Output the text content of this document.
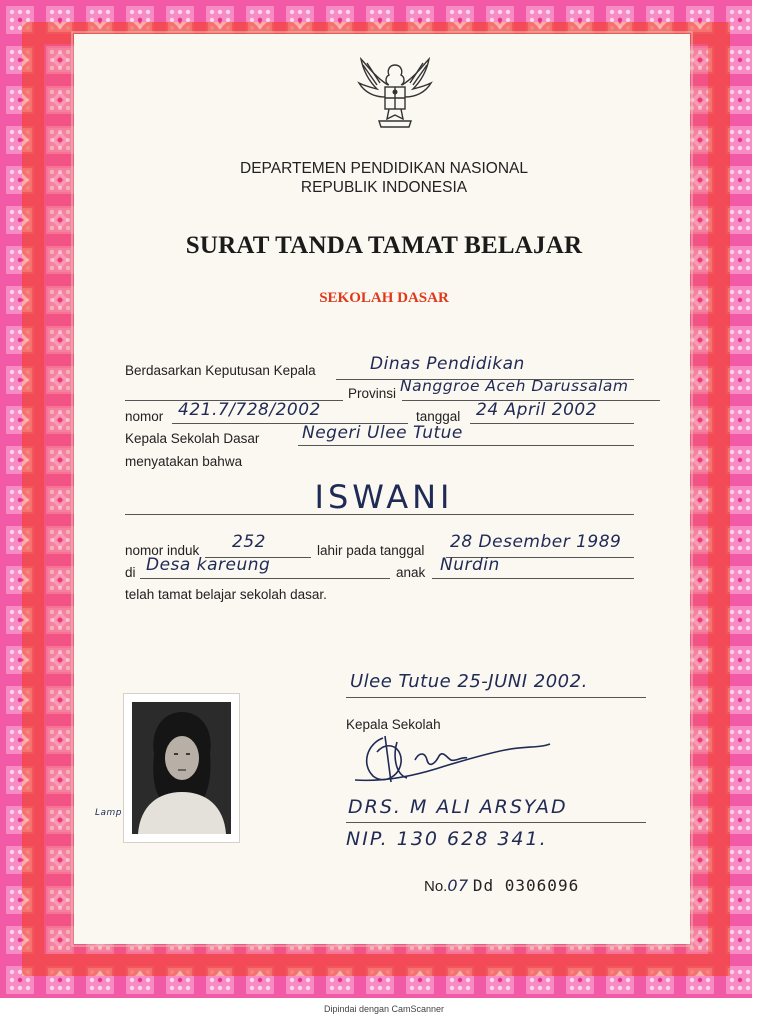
DEPARTEMEN PENDIDIKAN NASIONAL
REPUBLIK INDONESIA
SURAT TANDA TAMAT BELAJAR
SEKOLAH DASAR
Berdasarkan Keputusan Kepala	Dinas Pendidikan
Provinsi Nanggroe Aceh Darussalam
nomor 421.7/728/2002	tanggal 24 April 2002
Kepala Sekolah Dasar	Negeri Ulee Tutue
menyatakan bahwa
ISWANI
nomor induk 252	lahir pada tanggal 28 Desember 1989
di Desa kareung	anak Nurdin
telah tamat belajar sekolah dasar.
Ulee Tutue 25-JUNI 2002.
Kepala Sekolah
DRS. M ALI ARSYAD
NIP. 130 628 341.
No.07 Dd 0306096
Lamp
Dipindai dengan CamScanner
